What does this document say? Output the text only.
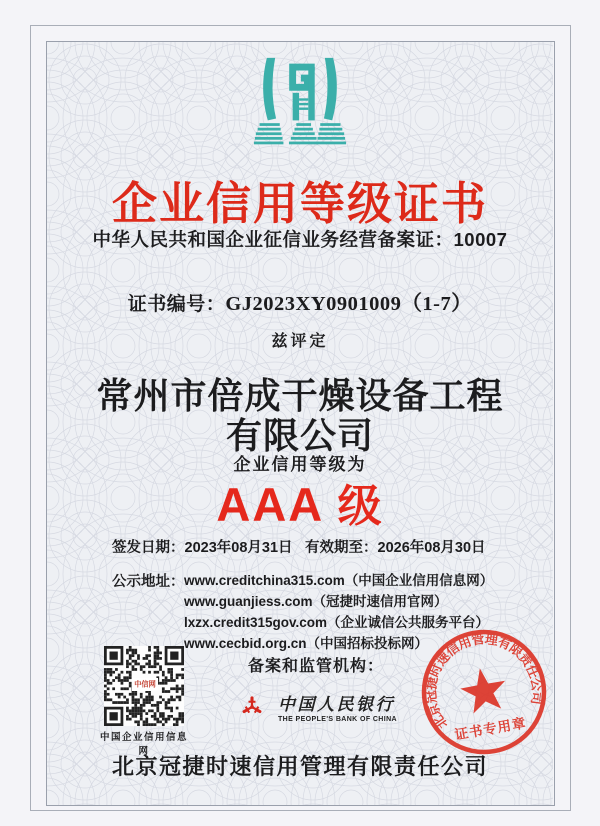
企业信用等级证书
中华人民共和国企业征信业务经营备案证：10007
证书编号：GJ2023XY0901009（1-7）
兹评定
常州市倍成干燥设备工程
有限公司
企业信用等级为
AAA 级
签发日期：2023年08月31日 有效期至：2026年08月30日
公示地址： www.creditchina315.com（中国企业信用信息网）
www.guanjiess.com（冠捷时速信用官网）
lxzx.credit315gov.com（企业诚信公共服务平台）
www.cecbid.org.cn（中国招标投标网）
中信网
中国企业信用信息网
备案和监管机构：
中国人民银行
THE PEOPLE'S BANK OF CHINA	北京冠捷时速信用管理有限责任公司
证书专用章
北京冠捷时速信用管理有限责任公司
